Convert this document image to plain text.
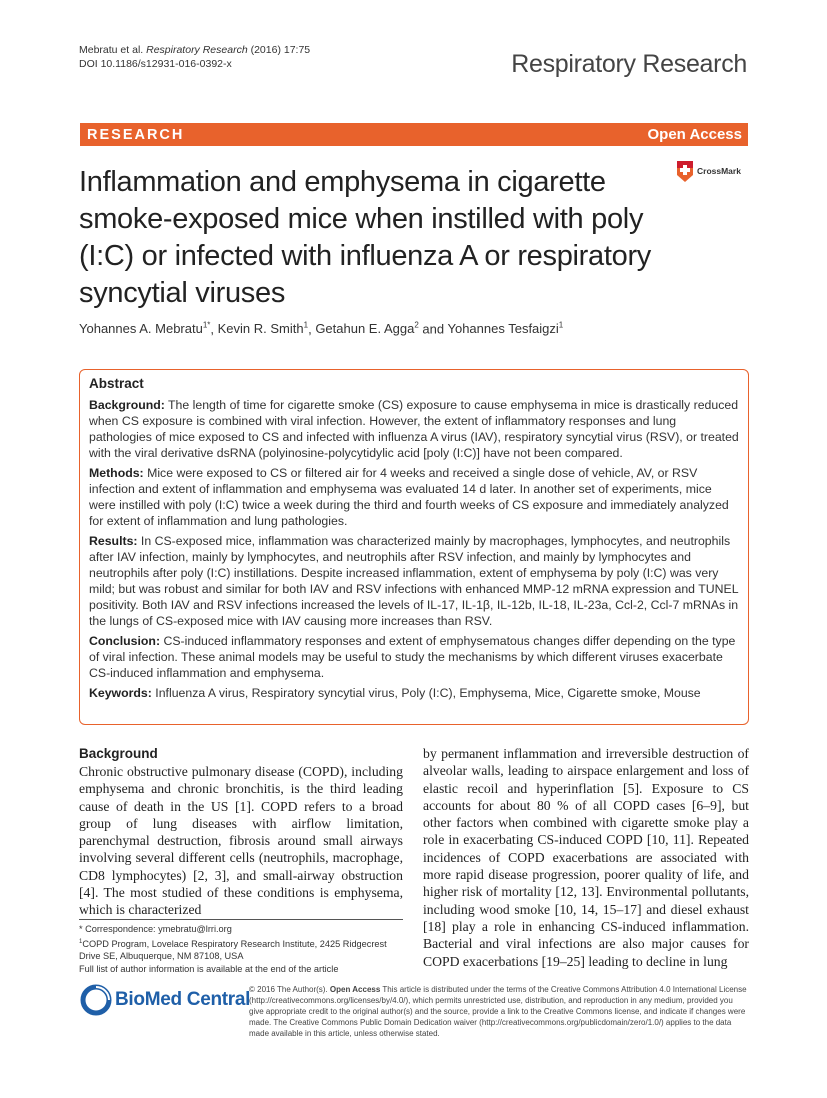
Mebratu et al. Respiratory Research (2016) 17:75
DOI 10.1186/s12931-016-0392-x	Respiratory Research
RESEARCH	Open Access
Inflammation and emphysema in cigarette smoke-exposed mice when instilled with poly (I:C) or infected with influenza A or respiratory syncytial viruses
CrossMark
Yohannes A. Mebratu$^{1*}$, Kevin R. Smith$^1$, Getahun E. Agga$^2$ and Yohannes Tesfaigzi$^1$
Abstract

Background: The length of time for cigarette smoke (CS) exposure to cause emphysema in mice is drastically reduced when CS exposure is combined with viral infection. However, the extent of inflammatory responses and lung pathologies of mice exposed to CS and infected with influenza A virus (IAV), respiratory syncytial virus (RSV), or treated with the viral derivative dsRNA (polyinosine-polycytidylic acid [poly (I:C)] have not been compared.

Methods: Mice were exposed to CS or filtered air for 4 weeks and received a single dose of vehicle, AV, or RSV infection and extent of inflammation and emphysema was evaluated 14 d later. In another set of experiments, mice were instilled with poly (I:C) twice a week during the third and fourth weeks of CS exposure and immediately analyzed for extent of inflammation and lung pathologies.

Results: In CS-exposed mice, inflammation was characterized mainly by macrophages, lymphocytes, and neutrophils after IAV infection, mainly by lymphocytes, and neutrophils after RSV infection, and mainly by lymphocytes and neutrophils after poly (I:C) instillations. Despite increased inflammation, extent of emphysema by poly (I:C) was very mild; but was robust and similar for both IAV and RSV infections with enhanced MMP-12 mRNA expression and TUNEL positivity. Both IAV and RSV infections increased the levels of IL-17, IL-1β, IL-12b, IL-18, IL-23a, Ccl-2, Ccl-7 mRNAs in the lungs of CS-exposed mice with IAV causing more increases than RSV.

Conclusion: CS-induced inflammatory responses and extent of emphysematous changes differ depending on the type of viral infection. These animal models may be useful to study the mechanisms by which different viruses exacerbate CS-induced inflammation and emphysema.

Keywords: Influenza A virus, Respiratory syncytial virus, Poly (I:C), Emphysema, Mice, Cigarette smoke, Mouse

Background
Chronic obstructive pulmonary disease (COPD), including emphysema and chronic bronchitis, is the third leading cause of death in the US [1]. COPD refers to a broad group of lung diseases with airflow limitation, parenchymal destruction, fibrosis around small airways involving several different cells (neutrophils, macrophage, CD8 lymphocytes) [2, 3], and small-airway obstruction [4]. The most studied of these conditions is emphysema, which is characterized
by permanent inflammation and irreversible destruction of alveolar walls, leading to airspace enlargement and loss of elastic recoil and hyperinflation [5]. Exposure to CS accounts for about 80 % of all COPD cases [6–9], but other factors when combined with cigarette smoke play a role in exacerbating CS-induced COPD [10, 11]. Repeated incidences of COPD exacerbations are associated with more rapid disease progression, poorer quality of life, and higher risk of mortality [12, 13]. Environmental pollutants, including wood smoke [10, 14, 15–17] and diesel exhaust [18] play a role in enhancing CS-induced inflammation. Bacterial and viral infections are also major causes for COPD exacerbations [19–25] leading to decline in lung
* Correspondence: ymebratu@lrri.org
$^1$COPD Program, Lovelace Respiratory Research Institute, 2425 Ridgecrest Drive SE, Albuquerque, NM 87108, USA
Full list of author information is available at the end of the article
BioMed Central
© 2016 The Author(s). Open Access This article is distributed under the terms of the Creative Commons Attribution 4.0 International License (http://creativecommons.org/licenses/by/4.0/), which permits unrestricted use, distribution, and reproduction in any medium, provided you give appropriate credit to the original author(s) and the source, provide a link to the Creative Commons license, and indicate if changes were made. The Creative Commons Public Domain Dedication waiver (http://creativecommons.org/publicdomain/zero/1.0/) applies to the data made available in this article, unless otherwise stated.
